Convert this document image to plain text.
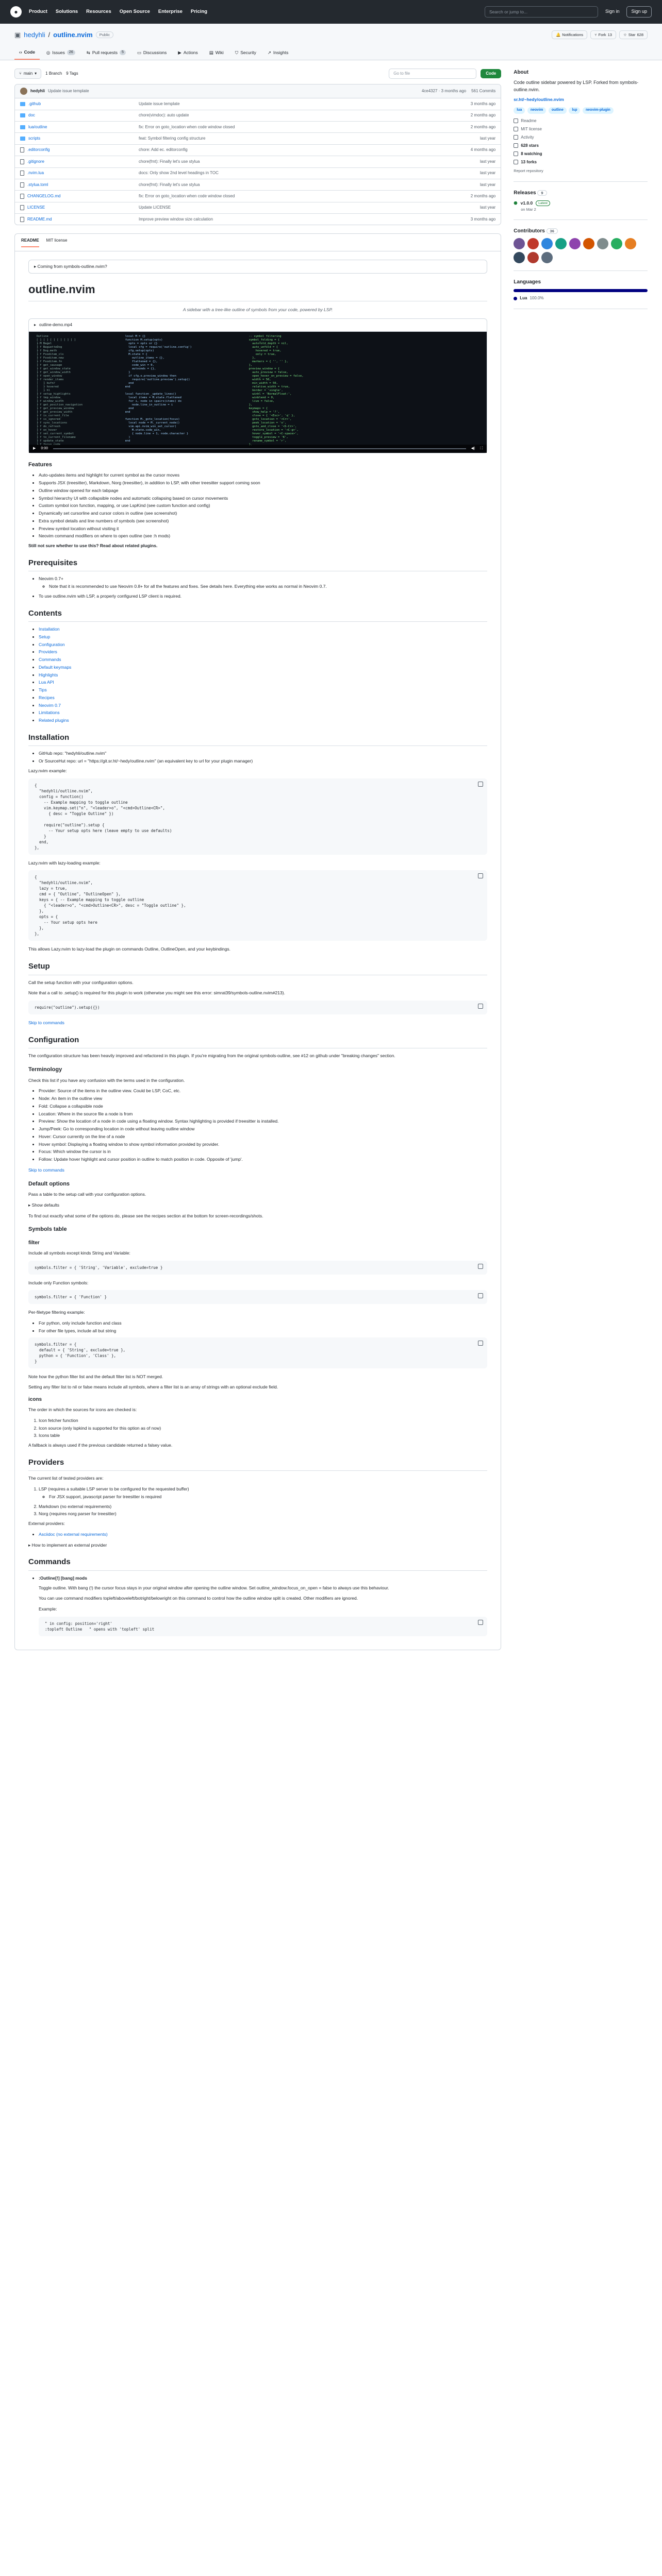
●	Product Solutions Resources Open Source Enterprise Pricing	Search or jump to...	Sign in	Sign up
▣ hedyhli / outline.nvim	Public	🔔 Notifications	⑂ Fork 13	☆ Star 628
‹› Code	◎ Issues	26	⇆ Pull requests	5	▭ Discussions	▶ Actions	▤ Wiki	⛉ Security	↗ Insights
⑂ main ▾ 1 Branch 9 Tags	Go to file	Code
hedyhli Update issue template	4ce4327 · 3 months ago 561 Commits
.github	Update issue template	3 months ago
doc	chore(vimdoc): auto update	2 months ago
lua/outline	fix: Error on goto_location when code window closed	2 months ago
scripts	feat: Symbol filtering config structure	last year
.editorconfig	chore: Add ec. editorconfig	4 months ago
.gitignore	chore(fmt): Finally let's use stylua	last year
.nvim.lua	docs: Only show 2nd level headings in TOC	last year
.stylua.toml	chore(fmt): Finally let's use stylua	last year
CHANGELOG.md	fix: Error on goto_location when code window closed	2 months ago
LICENSE	Update LICENSE	last year
README.md	Improve preview window size calculation	3 months ago
README MIT license
▸ Coming from symbols-outline.nvim?
outline.nvim
A sidebar with a tree-like outline of symbols from your code, powered by LSP.
▸ outline-demo.mp4
Outline
[ ] [ ] [ ] [ ] [ ] [ ]
├ M Bagel
├ f BaguetteDog
├ f Dog.meth
├ f Fooditem_cls
├ f Fooditem.new
├ f Fooditem.fn
├ f get_sausage
├ f get_window_state
├ f get_window_width
├ f open_window
├ f render_items
│   ├ bufnr
│   ├ hovered
│   ├ hl
├ f setup_highlights
├ f tmp_window_
├ f window_width
├ f get_position_navigation
├ f get_preview_window
├ f get_preview_width
├ f is_current_file
├ f is_ignored
├ f sync_locations
├ f do_refresh
├ f on_hover
├ f set_current_symbol
├ f to_current_filename
├ f update_state

local M = {}
function M.setup(opts)
opts = opts or {}
local cfg = require('outline.config')
cfg.setup(opts)
M.state = {
outline_items = {},
flattened = {},
code_win = 0,
autocmds = {},
}
if cfg.o.preview_window then
require('outline.preview').setup()
end
end

local function _update_lines()
local items = M.state.flattened
for i, node in ipairs(items) do
node.line_in_outline = i
end
end

function M._goto_location(focus)
local node = M._current_node()
vim.api.nvim_win_set_cursor(
M.state.code_win,
{ node.line + 1, node.character }
)
end
-- symbol filtering
symbol_folding = {
autofold_depth = nil,
auto_unfold = {
hovered = true,
only = true,
},
markers = { '', '' },
},
preview_window = {
auto_preview = false,
open_hover_on_preview = false,
width = 50,
min_width = 50,
relative_width = true,
border = 'single',
winhl = 'NormalFloat:',
winblend = 0,
live = false,
},
keymaps = {
show_help = '?',
close = { '<Esc>', 'q' },
goto_location = '<Cr>',
peek_location = 'o',
goto_and_close = '<S-Cr>',
restore_location = '<C-g>',
hover_symbol = '<C-space>',
toggle_preview = 'K',
rename_symbol = 'r',

▶ 0:00	◀) ⛶
Features
• Auto-updates items and highlight for current symbol as the cursor moves
• Supports JSX (treesitter), Markdown, Norg (treesitter), in addition to LSP, with other treesitter support coming soon
• Outline window opened for each tabpage
• Symbol hierarchy UI with collapsible nodes and automatic collapsing based on cursor movements
• Custom symbol icon function, mapping, or use LspKind (see custom function and config)
• Dynamically set cursorline and cursor colors in outline (see screenshot)
• Extra symbol details and line numbers of symbols (see screenshot)
• Preview symbol location without visiting it
• Neovim command modifiers on where to open outline (see :h mods)

Still not sure whether to use this? Read about related plugins.

Prerequisites
• Neovim 0.7+
◦ Note that it is recommended to use Neovim 0.8+ for all the features and fixes. See details here. Everything else works as normal in Neovim 0.7.
• To use outline.nvim with LSP, a properly configured LSP client is required.
Contents
• Installation
• Setup
• Configuration
• Providers
• Commands
• Default keymaps
• Highlights
• Lua API
• Tips
• Recipes
• Neovim 0.7
• Limitations
• Related plugins
Installation
• GitHub repo: "hedyhli/outline.nvim"
• Or SourceHut repo: url = "https://git.sr.ht/~hedy/outline.nvim" (an equivalent key to url for your plugin manager)

Lazy.nvim example:

{
"hedyhli/outline.nvim",
config = function()
-- Example mapping to toggle outline
vim.keymap.set("n", "<leader>o", "<cmd>Outline<CR>",
{ desc = "Toggle Outline" })

require("outline").setup {
-- Your setup opts here (leave empty to use defaults)
}
end,
},

Lazy.nvim with lazy-loading example:

{
"hedyhli/outline.nvim",
lazy = true,
cmd = { "Outline", "OutlineOpen" },
keys = { -- Example mapping to toggle outline
{ "<leader>o", "<cmd>Outline<CR>", desc = "Toggle outline" },
},
opts = {
-- Your setup opts here
},
},

This allows Lazy.nvim to lazy-load the plugin on commands Outline, OutlineOpen, and your keybindings.

Setup

Call the setup function with your configuration options.

Note that a call to .setup() is required for this plugin to work (otherwise you might see this error: simrat39/symbols-outline.nvim#213).

require("outline").setup({})
Skip to commands
Configuration

The configuration structure has been heavily improved and refactored in this plugin. If you're migrating from the original symbols-outline, see #12 on github under "breaking changes" section.

Terminology

Check this list if you have any confusion with the terms used in the configuration.

• Provider: Source of the items in the outline view. Could be LSP, CoC, etc.
• Node: An item in the outline view
• Fold: Collapse a collapsible node
• Location: Where in the source file a node is from
• Preview: Show the location of a node in code using a floating window. Syntax highlighting is provided if treesitter is installed.
• Jump/Peek: Go to corresponding location in code without leaving outline window
• Hover: Cursor currently on the line of a node
• Hover symbol: Displaying a floating window to show symbol information provided by provider.
• Focus: Which window the cursor is in
• Follow: Update hover highlight and cursor position in outline to match position in code. Opposite of 'jump'.
Skip to commands
Default options

Pass a table to the setup call with your configuration options.

▸ Show defaults

To find out exactly what some of the options do, please see the recipes section at the bottom for screen-recordings/shots.

Symbols table
filter

Include all symbols except kinds String and Variable:

symbols.filter = { 'String', 'Variable', exclude=true }

Include only Function symbols:

symbols.filter = { 'Function' }

Per-filetype filtering example:

• For python, only include function and class
• For other file types, include all but string
symbols.filter = {
default = { 'String', exclude=true },
python = { 'Function', 'Class' },
}

Note how the python filter list and the default filter list is NOT merged.

Setting any filter list to nil or false means include all symbols, where a filter list is an array of strings with an optional exclude field.

icons

The order in which the sources for icons are checked is:

1. Icon fetcher function
2. Icon source (only lspkind is supported for this option as of now)
3. Icons table

A fallback is always used if the previous candidate returned a falsey value.

Providers

The current list of tested providers are:

1. LSP (requires a suitable LSP server to be configured for the requested buffer)
◦ For JSX support, javascript parser for treesitter is required
2. Markdown (no external requirements)
3. Norg (requires norg parser for treesitter)

External providers:

• Asciidoc (no external requirements)
▸ How to implement an external provider
Commands
• :Outline[!] [bang] mods

Toggle outline. With bang (!) the cursor focus stays in your original window after opening the outline window. Set outline_window.focus_on_open = false to always use this behaviour.

You can use command modifiers topleft/aboveleft/botright/belowright on this command to control how the outline window split is created. Other modifiers are ignored.

Example:

" in config: position='right'
:topleft Outline   " opens with 'topleft' split
About
Code outline sidebar powered by LSP. Forked from symbols-outline.nvim.
sr.ht/~hedy/outline.nvim
lua neovim outline lsp neovim-plugin
Readme
MIT license
Activity
628 stars
8 watching
13 forks
Report repository
Releases 9
⬣ v1.0.0	Latest
on Mar 2
Contributors 36
Languages
Lua 100.0%
